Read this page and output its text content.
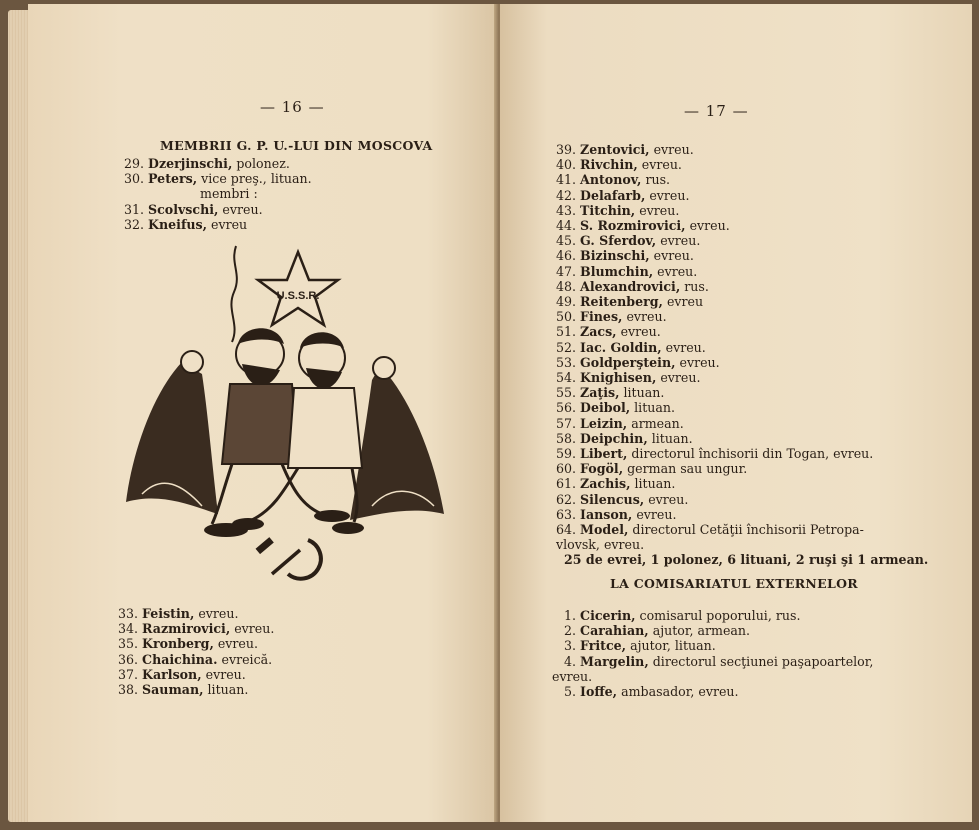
— 16 —
MEMBRII G. P. U.-LUI DIN MOSCOVA
29. Dzerjinschi, polonez.
30. Peters, vice preş., lituan.
membri :
31. Scolvschi, evreu.
32. Kneifus, evreu
33. Feistin, evreu.
34. Razmirovici, evreu.
35. Kronberg, evreu.
36. Chaichina. evreică.
37. Karlson, evreu.
38. Sauman, lituan.
U.S.S.R.
— 17 —
39. Zentovici, evreu.
40. Rivchin, evreu.
41. Antonov, rus.
42. Delafarb, evreu.
43. Titchin, evreu.
44. S. Rozmirovici, evreu.
45. G. Sferdov, evreu.
46. Bizinschi, evreu.
47. Blumchin, evreu.
48. Alexandrovici, rus.
49. Reitenberg, evreu
50. Fines, evreu.
51. Zacs, evreu.
52. Iac. Goldin, evreu.
53. Goldperştein, evreu.
54. Knighisen, evreu.
55. Zaţis, lituan.
56. Deibol, lituan.
57. Leizin, armean.
58. Deipchin, lituan.
59. Libert, directorul închisorii din Togan, evreu.
60. Fogöl, german sau ungur.
61. Zachis, lituan.
62. Silencus, evreu.
63. Ianson, evreu.
64. Model, directorul Cetăţii închisorii Petropa-
vlovsk, evreu.
25 de evrei, 1 polonez, 6 lituani, 2 ruşi şi 1 armean.
LA COMISARIATUL EXTERNELOR
1. Cicerin, comisarul poporului, rus.
2. Carahian, ajutor, armean.
3. Fritce, ajutor, lituan.
4. Margelin, directorul secţiunei paşapoartelor,
evreu.
5. Ioffe, ambasador, evreu.
